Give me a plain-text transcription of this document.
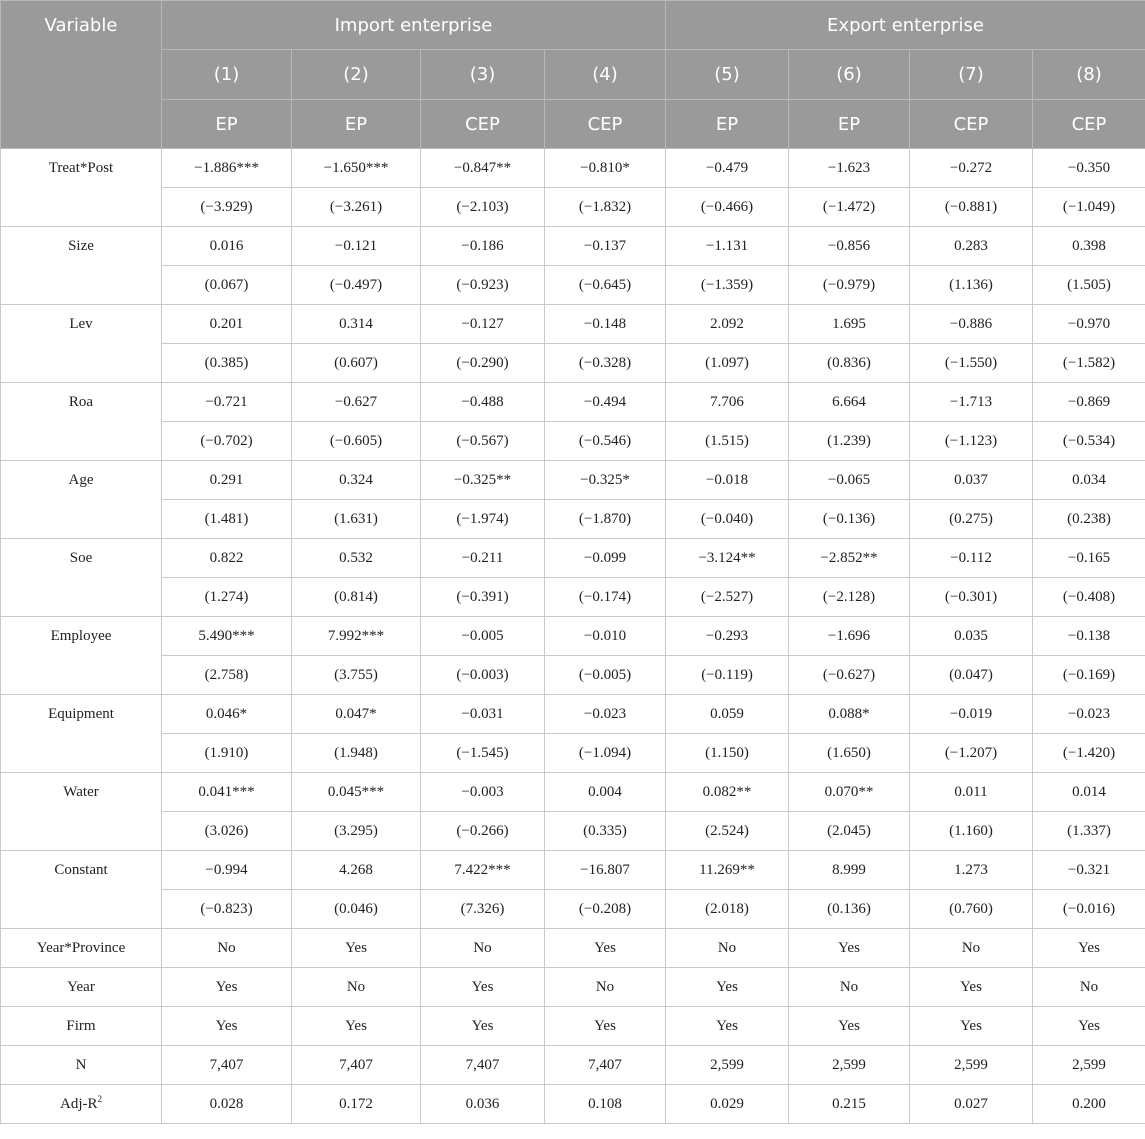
Variable	Import enterprise				Export enterprise			
	(1)	(2)	(3)	(4)	(5)	(6)	(7)	(8)
	EP	EP	CEP	CEP	EP	EP	CEP	CEP
Treat*Post	−1.886***	−1.650***	−0.847**	−0.810*	−0.479	−1.623	−0.272	−0.350
	(−3.929)	(−3.261)	(−2.103)	(−1.832)	(−0.466)	(−1.472)	(−0.881)	(−1.049)
Size	0.016	−0.121	−0.186	−0.137	−1.131	−0.856	0.283	0.398
	(0.067)	(−0.497)	(−0.923)	(−0.645)	(−1.359)	(−0.979)	(1.136)	(1.505)
Lev	0.201	0.314	−0.127	−0.148	2.092	1.695	−0.886	−0.970
	(0.385)	(0.607)	(−0.290)	(−0.328)	(1.097)	(0.836)	(−1.550)	(−1.582)
Roa	−0.721	−0.627	−0.488	−0.494	7.706	6.664	−1.713	−0.869
	(−0.702)	(−0.605)	(−0.567)	(−0.546)	(1.515)	(1.239)	(−1.123)	(−0.534)
Age	0.291	0.324	−0.325**	−0.325*	−0.018	−0.065	0.037	0.034
	(1.481)	(1.631)	(−1.974)	(−1.870)	(−0.040)	(−0.136)	(0.275)	(0.238)
Soe	0.822	0.532	−0.211	−0.099	−3.124**	−2.852**	−0.112	−0.165
	(1.274)	(0.814)	(−0.391)	(−0.174)	(−2.527)	(−2.128)	(−0.301)	(−0.408)
Employee	5.490***	7.992***	−0.005	−0.010	−0.293	−1.696	0.035	−0.138
	(2.758)	(3.755)	(−0.003)	(−0.005)	(−0.119)	(−0.627)	(0.047)	(−0.169)
Equipment	0.046*	0.047*	−0.031	−0.023	0.059	0.088*	−0.019	−0.023
	(1.910)	(1.948)	(−1.545)	(−1.094)	(1.150)	(1.650)	(−1.207)	(−1.420)
Water	0.041***	0.045***	−0.003	0.004	0.082**	0.070**	0.011	0.014
	(3.026)	(3.295)	(−0.266)	(0.335)	(2.524)	(2.045)	(1.160)	(1.337)
Constant	−0.994	4.268	7.422***	−16.807	11.269**	8.999	1.273	−0.321
	(−0.823)	(0.046)	(7.326)	(−0.208)	(2.018)	(0.136)	(0.760)	(−0.016)
Year*Province	No	Yes	No	Yes	No	Yes	No	Yes
Year	Yes	No	Yes	No	Yes	No	Yes	No
Firm	Yes	Yes	Yes	Yes	Yes	Yes	Yes	Yes
N	7,407	7,407	7,407	7,407	2,599	2,599	2,599	2,599
Adj-$R^2$	0.028	0.172	0.036	0.108	0.029	0.215	0.027	0.200
